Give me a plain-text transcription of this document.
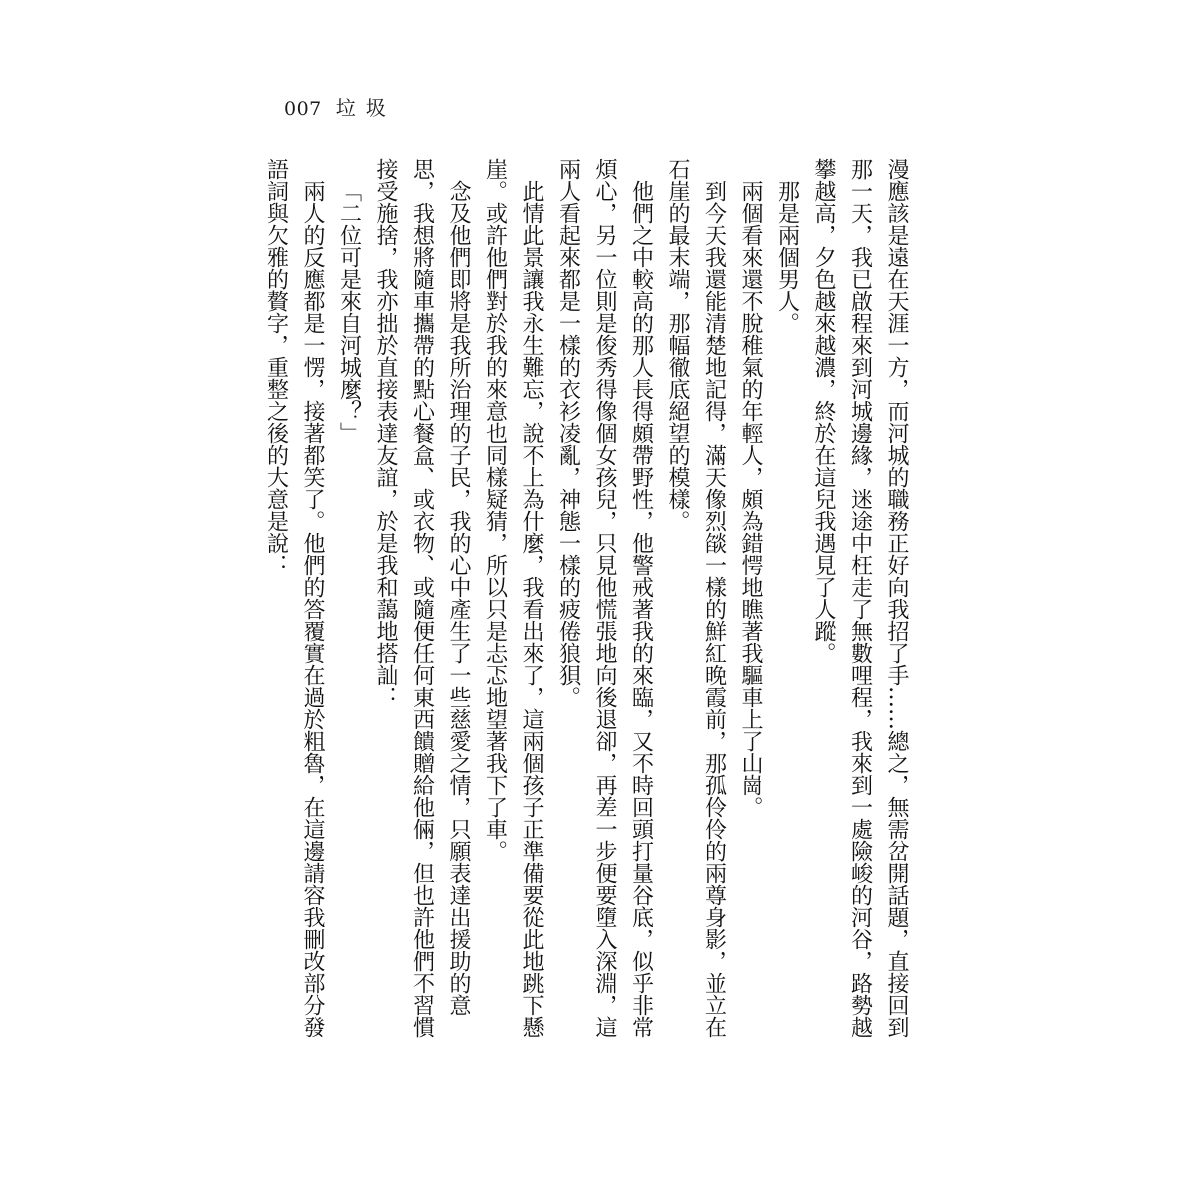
007 垃圾

漫應該是遠在天涯一方，而河城的職務正好向我招了手……總之，無需岔開話題，直接回到那一天，我已啟程來到河城邊緣，迷途中枉走了無數哩程，我來到一處險峻的河谷，路勢越攀越高，夕色越來越濃，終於在這兒我遇見了人蹤。

那是兩個男人。

兩個看來還不脫稚氣的年輕人，頗為錯愕地瞧著我驅車上了山崗。

到今天我還能清楚地記得，滿天像烈燄一樣的鮮紅晚霞前，那孤伶伶的兩尊身影，並立在石崖的最末端，那幅徹底絕望的模樣。

他們之中較高的那人長得頗帶野性，他警戒著我的來臨，又不時回頭打量谷底，似乎非常煩心，另一位則是俊秀得像個女孩兒，只見他慌張地向後退卻，再差一步便要墮入深淵，這兩人看起來都是一樣的衣衫凌亂，神態一樣的疲倦狼狽。

此情此景讓我永生難忘，說不上為什麼，我看出來了，這兩個孩子正準備要從此地跳下懸崖。或許他們對於我的來意也同樣疑猜，所以只是忐忑地望著我下了車。

念及他們即將是我所治理的子民，我的心中產生了一些慈愛之情，只願表達出援助的意思，我想將隨車攜帶的點心餐盒、或衣物、或隨便任何東西饋贈給他倆，但也許他們不習慣接受施捨，我亦拙於直接表達友誼，於是我和藹地搭訕：

「二位可是來自河城麼？」

兩人的反應都是一愣，接著都笑了。他們的答覆實在過於粗魯，在這邊請容我刪改部分發語詞與欠雅的贅字，重整之後的大意是說：
